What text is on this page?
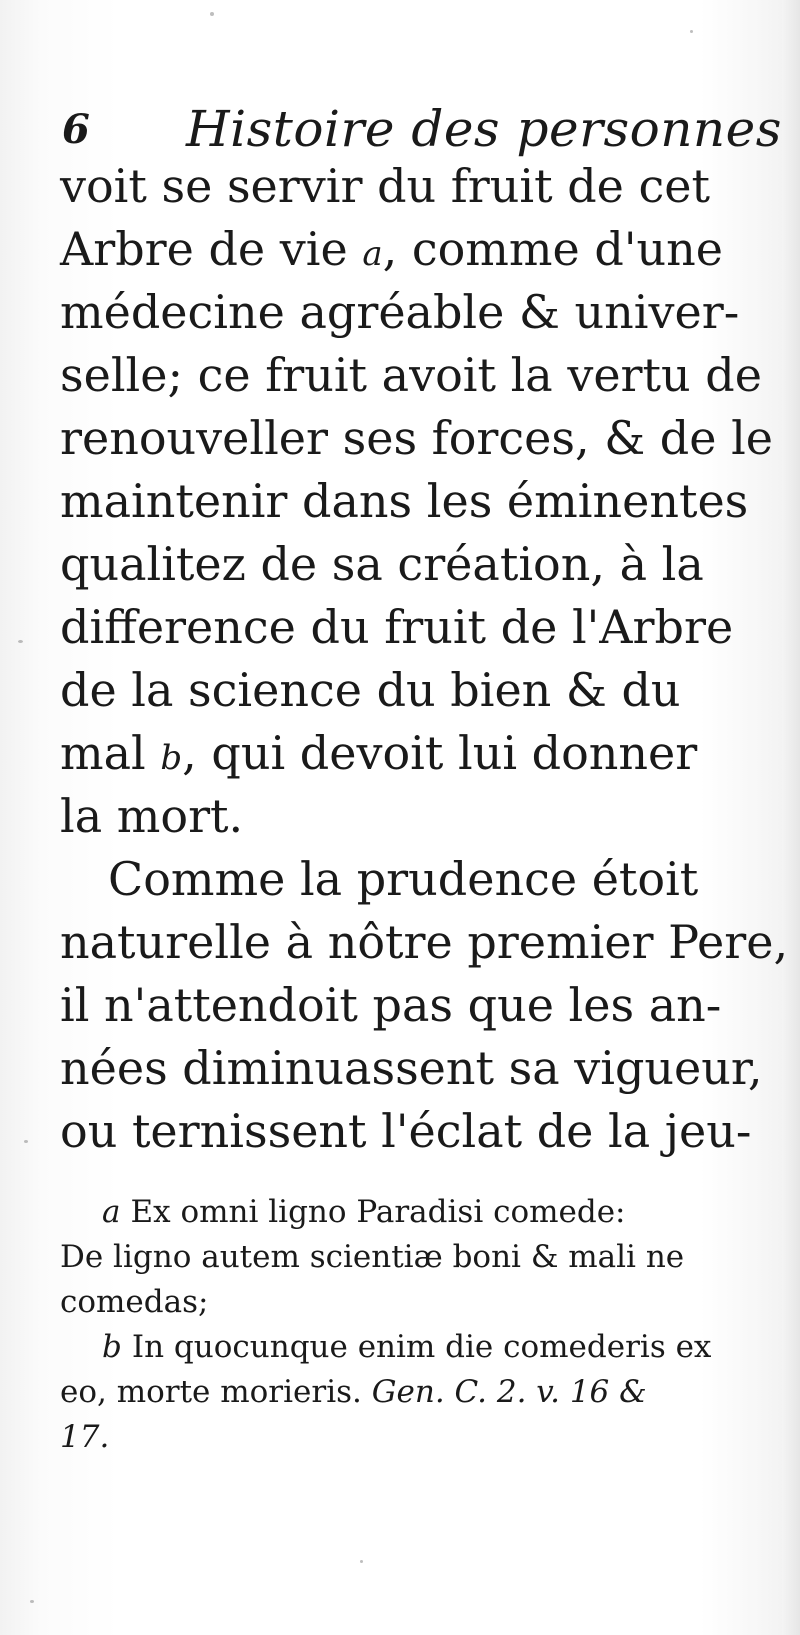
6 Histoire des personnes
voit se servir du fruit de cet
Arbre de vie a, comme d'une
médecine agréable & univer-
selle; ce fruit avoit la vertu de
renouveller ses forces, & de le
maintenir dans les éminentes
qualitez de sa création, à la
difference du fruit de l'Arbre
de la science du bien & du
mal b, qui devoit lui donner
la mort.
Comme la prudence étoit
naturelle à nôtre premier Pere,
il n'attendoit pas que les an-
nées diminuassent sa vigueur,
ou ternissent l'éclat de la jeu-
a Ex omni ligno Paradisi comede:
De ligno autem scientiæ boni & mali ne
comedas;
b In quocunque enim die comederis ex
eo, morte morieris.
Gen. C. 2. v. 16 &
17.
